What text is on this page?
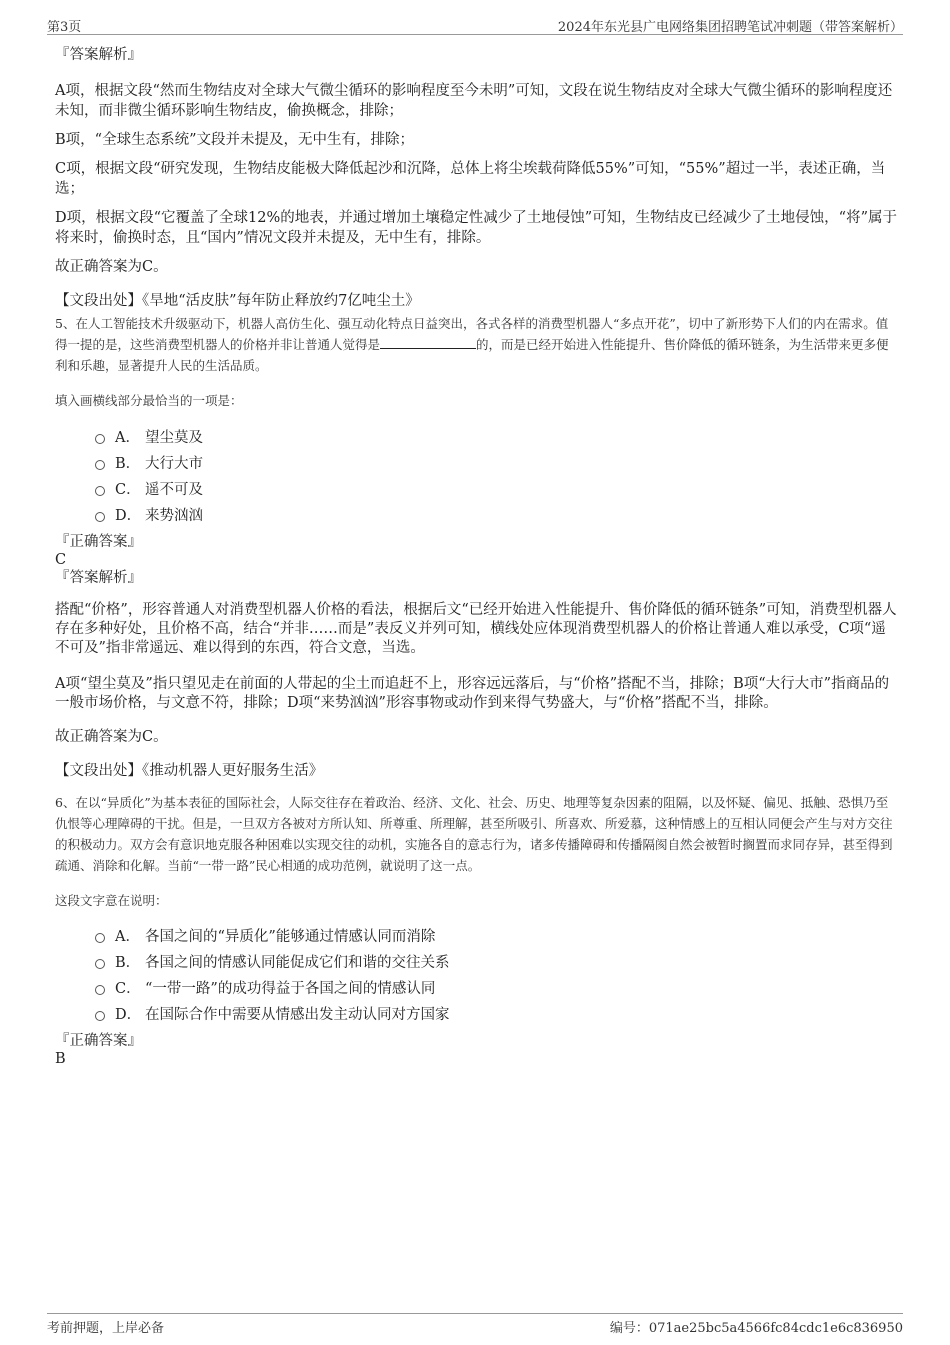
第3页	2024年东光县广电网络集团招聘笔试冲刺题（带答案解析）

『答案解析』

A项，根据文段“然而生物结皮对全球大气微尘循环的影响程度至今未明”可知，文段在说生物结皮对全球大气微尘循环的影响程度还未知，而非微尘循环影响生物结皮，偷换概念，排除；

B项，“全球生态系统”文段并未提及，无中生有，排除；

C项，根据文段“研究发现，生物结皮能极大降低起沙和沉降，总体上将尘埃载荷降低55%”可知，“55%”超过一半，表述正确，当选；

D项，根据文段“它覆盖了全球12%的地表，并通过增加土壤稳定性减少了土地侵蚀”可知，生物结皮已经减少了土地侵蚀，“将”属于将来时，偷换时态，且“国内”情况文段并未提及，无中生有，排除。

故正确答案为C。

【文段出处】《旱地“活皮肤”每年防止释放约7亿吨尘土》

5、在人工智能技术升级驱动下，机器人高仿生化、强互动化特点日益突出，各式各样的消费型机器人“多点开花”，切中了新形势下人们的内在需求。值得一提的是，这些消费型机器人的价格并非让普通人觉得是	的，而是已经开始进入性能提升、售价降低的循环链条，为生活带来更多便利和乐趣，显著提升人民的生活品质。

填入画横线部分最恰当的一项是：

A． 望尘莫及
B． 大行大市
C． 遥不可及
D． 来势汹汹

『正确答案』

C

『答案解析』

搭配“价格”，形容普通人对消费型机器人价格的看法，根据后文“已经开始进入性能提升、售价降低的循环链条”可知，消费型机器人存在多种好处，且价格不高，结合“并非……而是”表反义并列可知，横线处应体现消费型机器人的价格让普通人难以承受，C项“遥不可及”指非常遥远、难以得到的东西，符合文意，当选。

A项“望尘莫及”指只望见走在前面的人带起的尘土而追赶不上，形容远远落后，与“价格”搭配不当，排除；B项“大行大市”指商品的一般市场价格，与文意不符，排除；D项“来势汹汹”形容事物或动作到来得气势盛大，与“价格”搭配不当，排除。

故正确答案为C。

【文段出处】《推动机器人更好服务生活》

6、在以“异质化”为基本表征的国际社会，人际交往存在着政治、经济、文化、社会、历史、地理等复杂因素的阻隔，以及怀疑、偏见、抵触、恐惧乃至仇恨等心理障碍的干扰。但是，一旦双方各被对方所认知、所尊重、所理解，甚至所吸引、所喜欢、所爱慕，这种情感上的互相认同便会产生与对方交往的积极动力。双方会有意识地克服各种困难以实现交往的动机，实施各自的意志行为，诸多传播障碍和传播隔阂自然会被暂时搁置而求同存异，甚至得到疏通、消除和化解。当前“一带一路”民心相通的成功范例，就说明了这一点。

这段文字意在说明：

A． 各国之间的“异质化”能够通过情感认同而消除
B． 各国之间的情感认同能促成它们和谐的交往关系
C． “一带一路”的成功得益于各国之间的情感认同
D． 在国际合作中需要从情感出发主动认同对方国家

『正确答案』

B

考前押题，上岸必备	编号：071ae25bc5a4566fc84cdc1e6c836950
